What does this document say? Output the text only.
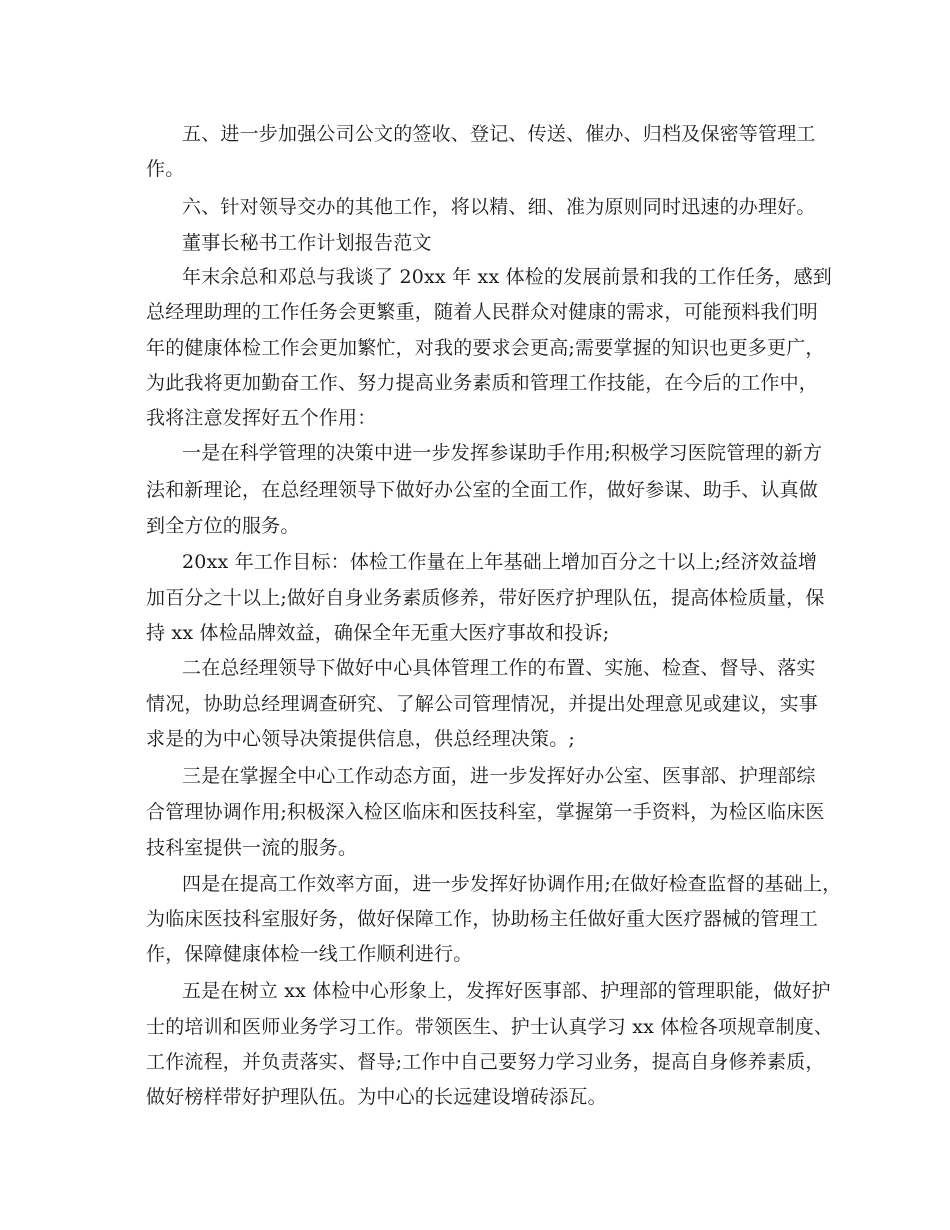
五、进一步加强公司公文的签收、登记、传送、催办、归档及保密等管理工
作。
六、针对领导交办的其他工作，将以精、细、准为原则同时迅速的办理好。
董事长秘书工作计划报告范文
年末余总和邓总与我谈了 20xx 年 xx 体检的发展前景和我的工作任务，感到
总经理助理的工作任务会更繁重，随着人民群众对健康的需求，可能预料我们明
年的健康体检工作会更加繁忙，对我的要求会更高;需要掌握的知识也更多更广，
为此我将更加勤奋工作、努力提高业务素质和管理工作技能，在今后的工作中，
我将注意发挥好五个作用：
一是在科学管理的决策中进一步发挥参谋助手作用;积极学习医院管理的新方
法和新理论，在总经理领导下做好办公室的全面工作，做好参谋、助手、认真做
到全方位的服务。
20xx 年工作目标：体检工作量在上年基础上增加百分之十以上;经济效益增
加百分之十以上;做好自身业务素质修养，带好医疗护理队伍，提高体检质量，保
持 xx 体检品牌效益，确保全年无重大医疗事故和投诉;
二在总经理领导下做好中心具体管理工作的布置、实施、检查、督导、落实
情况，协助总经理调查研究、了解公司管理情况，并提出处理意见或建议，实事
求是的为中心领导决策提供信息，供总经理决策。;
三是在掌握全中心工作动态方面，进一步发挥好办公室、医事部、护理部综
合管理协调作用;积极深入检区临床和医技科室，掌握第一手资料，为检区临床医
技科室提供一流的服务。
四是在提高工作效率方面，进一步发挥好协调作用;在做好检查监督的基础上，
为临床医技科室服好务，做好保障工作，协助杨主任做好重大医疗器械的管理工
作，保障健康体检一线工作顺利进行。
五是在树立 xx 体检中心形象上，发挥好医事部、护理部的管理职能，做好护
士的培训和医师业务学习工作。带领医生、护士认真学习 xx 体检各项规章制度、
工作流程，并负责落实、督导;工作中自己要努力学习业务，提高自身修养素质，
做好榜样带好护理队伍。为中心的长远建设增砖添瓦。
